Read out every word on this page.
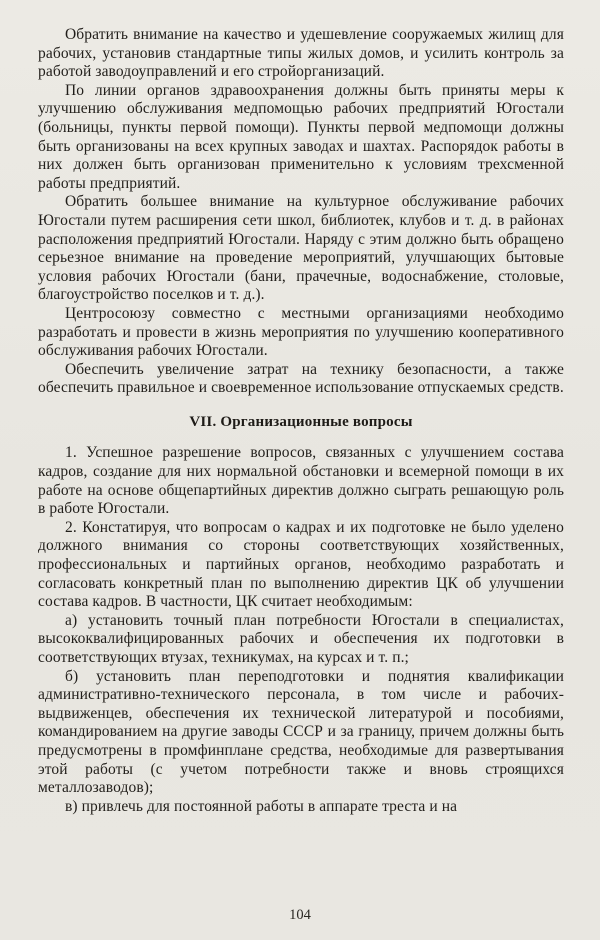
Обратить внимание на качество и удешевление сооружаемых жилищ для рабочих, установив стандартные типы жилых домов, и усилить контроль за работой заводоуправлений и его стройорганизаций.

По линии органов здравоохранения должны быть приняты меры к улучшению обслуживания медпомощью рабочих предприятий Югостали (больницы, пункты первой помощи). Пункты первой медпомощи должны быть организованы на всех крупных заводах и шахтах. Распорядок работы в них должен быть организован применительно к условиям трехсменной работы предприятий.

Обратить большее внимание на культурное обслуживание рабочих Югостали путем расширения сети школ, библиотек, клубов и т. д. в районах расположения предприятий Югостали. Наряду с этим должно быть обращено серьезное внимание на проведение мероприятий, улучшающих бытовые условия рабочих Югостали (бани, прачечные, водоснабжение, столовые, благоустройство поселков и т. д.).

Центросоюзу совместно с местными организациями необходимо разработать и провести в жизнь мероприятия по улучшению кооперативного обслуживания рабочих Югостали.

Обеспечить увеличение затрат на технику безопасности, а также обеспечить правильное и своевременное использование отпускаемых средств.

VII. Организационные вопросы

1. Успешное разрешение вопросов, связанных с улучшением состава кадров, создание для них нормальной обстановки и всемерной помощи в их работе на основе общепартийных директив должно сыграть решающую роль в работе Югостали.

2. Констатируя, что вопросам о кадрах и их подготовке не было уделено должного внимания со стороны соответствующих хозяйственных, профессиональных и партийных органов, необходимо разработать и согласовать конкретный план по выполнению директив ЦК об улучшении состава кадров. В частности, ЦК считает необходимым:

а) установить точный план потребности Югостали в специалистах, высококвалифицированных рабочих и обеспечения их подготовки в соответствующих втузах, техникумах, на курсах и т. п.;

б) установить план переподготовки и поднятия квалификации административно-технического персонала, в том числе и рабочих-выдвиженцев, обеспечения их технической литературой и пособиями, командированием на другие заводы СССР и за границу, причем должны быть предусмотрены в промфинплане средства, необходимые для развертывания этой работы (с учетом потребности также и вновь строящихся металлозаводов);

в) привлечь для постоянной работы в аппарате треста и на

104
